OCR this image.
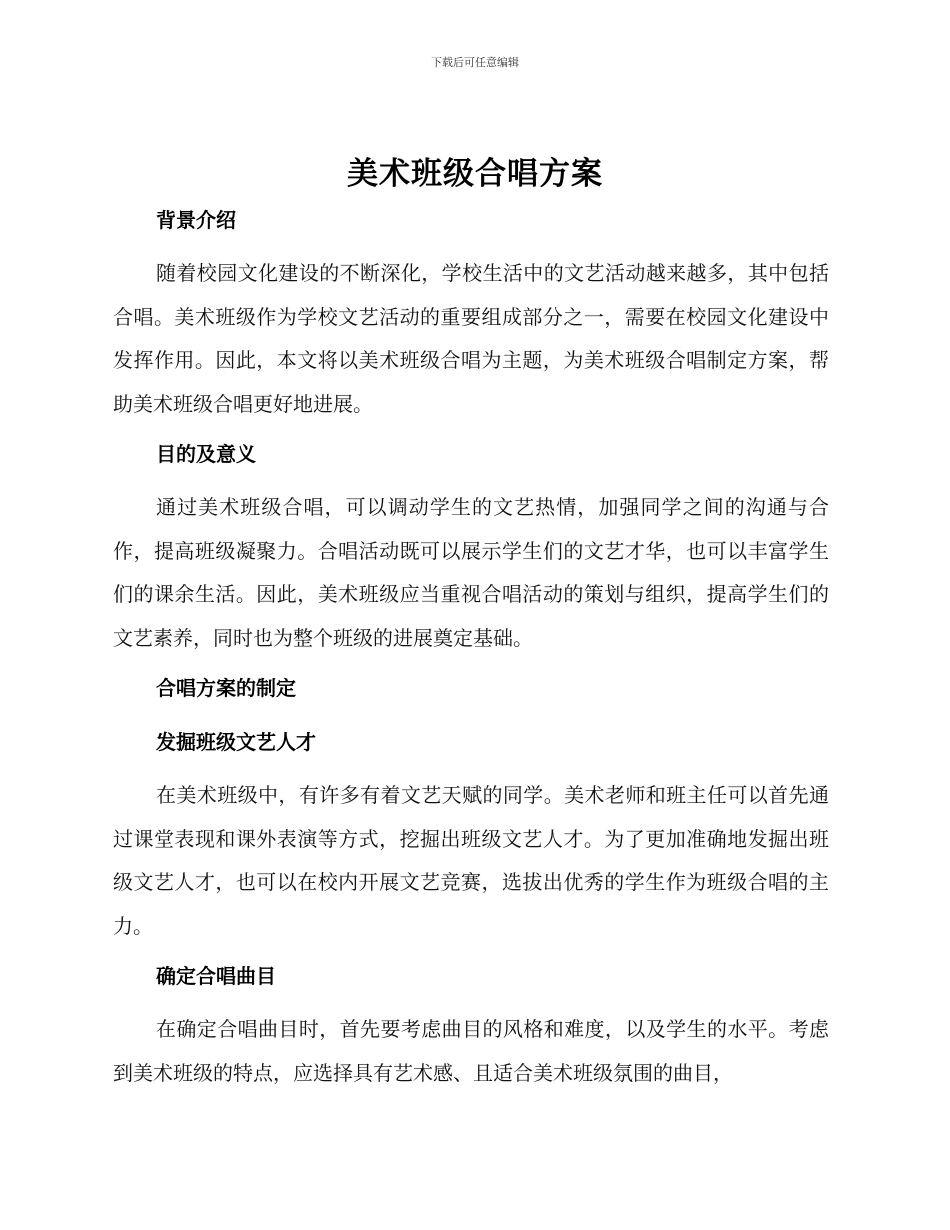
下载后可任意编辑
美术班级合唱方案
背景介绍

随着校园文化建设的不断深化，学校生活中的文艺活动越来越多，其中包括合唱。美术班级作为学校文艺活动的重要组成部分之一，需要在校园文化建设中发挥作用。因此，本文将以美术班级合唱为主题，为美术班级合唱制定方案，帮助美术班级合唱更好地进展。

目的及意义

通过美术班级合唱，可以调动学生的文艺热情，加强同学之间的沟通与合作，提高班级凝聚力。合唱活动既可以展示学生们的文艺才华，也可以丰富学生们的课余生活。因此，美术班级应当重视合唱活动的策划与组织，提高学生们的文艺素养，同时也为整个班级的进展奠定基础。

合唱方案的制定
发掘班级文艺人才

在美术班级中，有许多有着文艺天赋的同学。美术老师和班主任可以首先通过课堂表现和课外表演等方式，挖掘出班级文艺人才。为了更加准确地发掘出班级文艺人才，也可以在校内开展文艺竞赛，选拔出优秀的学生作为班级合唱的主力。

确定合唱曲目

在确定合唱曲目时，首先要考虑曲目的风格和难度，以及学生的水平。考虑到美术班级的特点，应选择具有艺术感、且适合美术班级氛围的曲目，
